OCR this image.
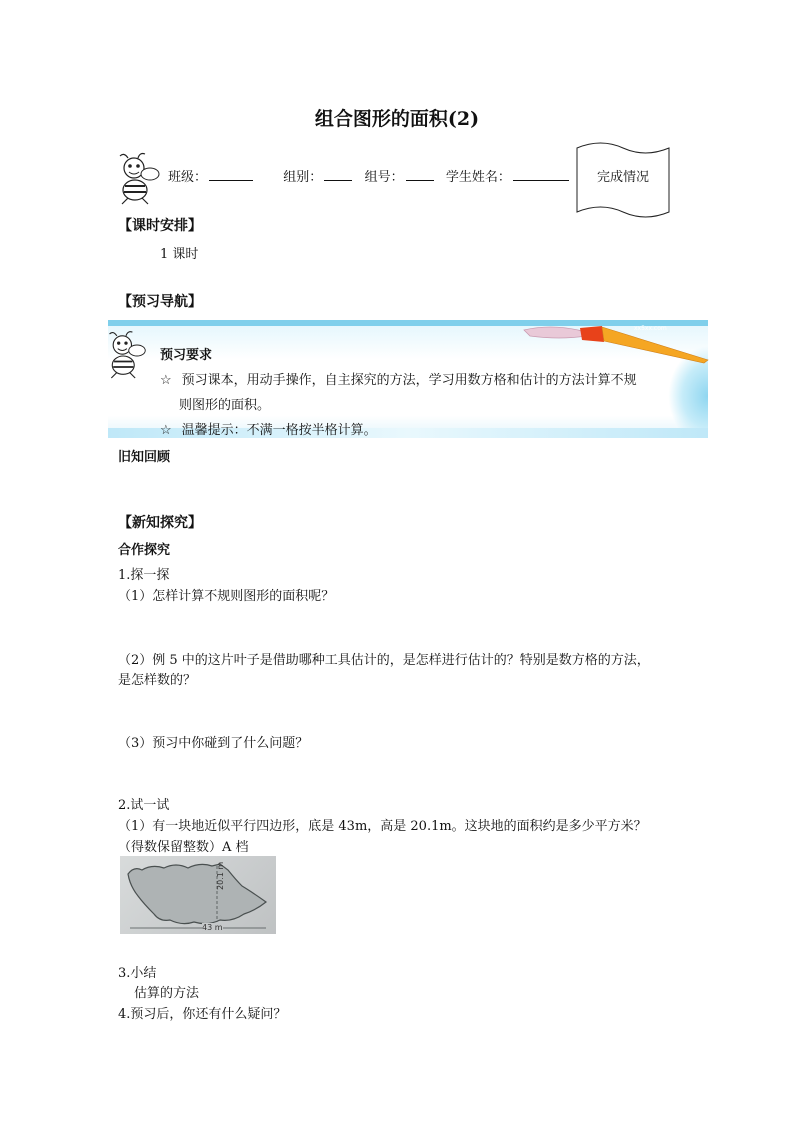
组合图形的面积(2)
班级：	组别：	组号：	学生姓名：	完成情况
【课时安排】
1 课时
【预习导航】
xx5xx.com
预习要求
☆ 预习课本，用动手操作，自主探究的方法，学习用数方格和估计的方法计算不规
则图形的面积。
☆ 温馨提示：不满一格按半格计算。
旧知回顾
【新知探究】
合作探究
1.探一探
（1）怎样计算不规则图形的面积呢？
（2）例 5 中的这片叶子是借助哪种工具估计的，是怎样进行估计的？特别是数方格的方法，
是怎样数的？
（3）预习中你碰到了什么问题？
2.试一试
（1）有一块地近似平行四边形，底是 43m，高是 20.1m。这块地的面积约是多少平方米？
（得数保留整数）A 档
20.1 m
43 m
3.小结
估算的方法
4.预习后，你还有什么疑问？
